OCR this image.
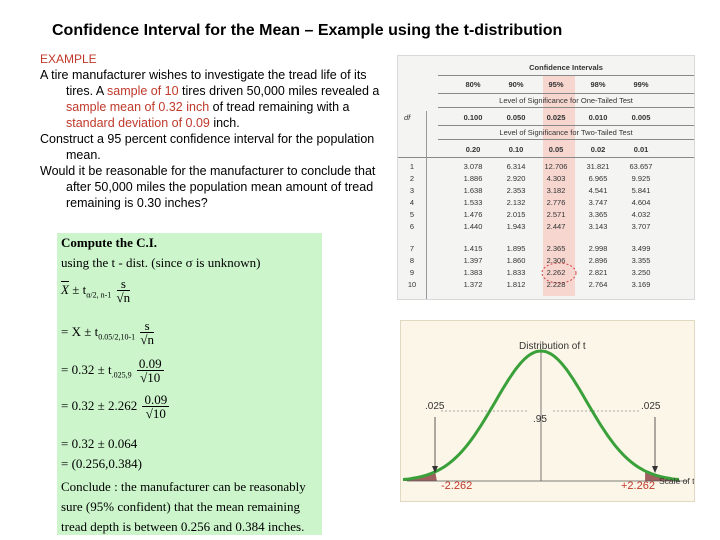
Confidence Interval for the Mean – Example using the t-distribution
EXAMPLE

A tire manufacturer wishes to investigate the tread life of its tires. A sample of 10 tires driven 50,000 miles revealed a sample mean of 0.32 inch of tread remaining with a standard deviation of 0.09 inch.

Construct a 95 percent confidence interval for the population mean.

Would it be reasonable for the manufacturer to conclude that after 50,000 miles the population mean amount of tread remaining is 0.30 inches?

Compute the C.I.
using the t - dist. (since σ is unknown)
$\overline{X} \pm t_{\alpha/2, n-1} \frac{s}{√n}$
= $X \pm t_{0.05/2,10-1} \frac{s}{√n}$
= $0.32 \pm t_{.025,9} \frac{0.09}{√10}$
= $0.32 \pm 2.262 \frac{0.09}{√10}$
= 0.32 ± 0.064
= (0.256,0.384)
Conclude : the manufacturer can be reasonably
sure (95% confident) that the mean remaining
tread depth is between 0.256 and 0.384 inches.
Confidence Intervals
Level of Significance for One-Tailed Test
df
Level of Significance for Two-Tailed Test
80%	90%	95%	98%	99%
0.100	0.050	0.025	0.010	0.005
0.20	0.10	0.05	0.02	0.01
1	3.078	6.314	12.706	31.821	63.657
2	1.886	2.920	4.303	6.965	9.925
3	1.638	2.353	3.182	4.541	5.841
4	1.533	2.132	2.776	3.747	4.604
5	1.476	2.015	2.571	3.365	4.032
6	1.440	1.943	2.447	3.143	3.707
7	1.415	1.895	2.365	2.998	3.499
8	1.397	1.860	2.306	2.896	3.355
9	1.383	1.833	2.262	2.821	3.250
10	1.372	1.812	2.228	2.764	3.169
Distribution of t
.95
.025	.025
-2.262	+2.262 Scale of t
